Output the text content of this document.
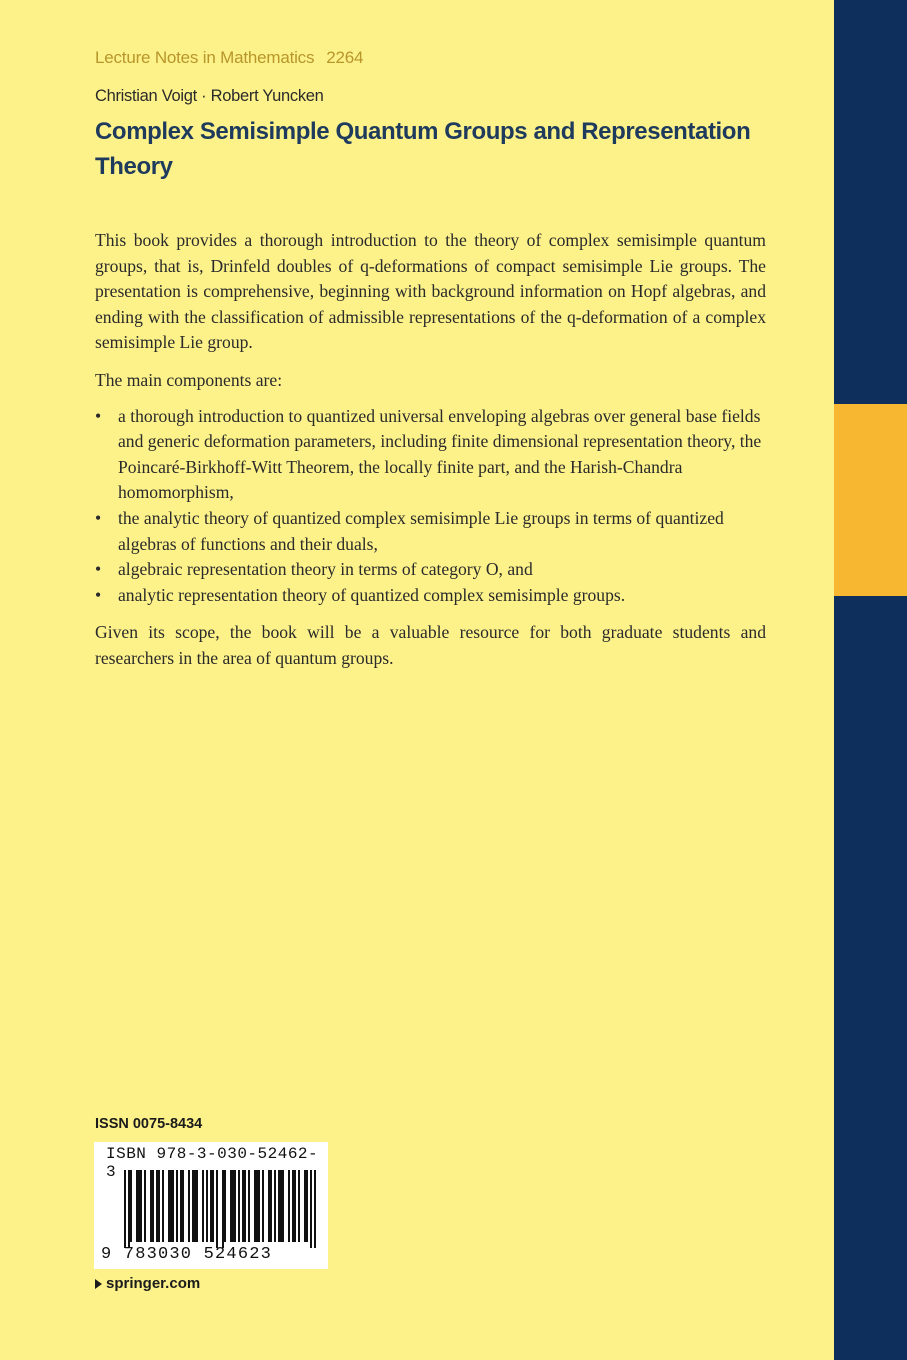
Lecture Notes in Mathematics 2264
Christian Voigt · Robert Yuncken
Complex Semisimple Quantum Groups and Representation Theory

This book provides a thorough introduction to the theory of complex semisimple quantum groups, that is, Drinfeld doubles of q-deformations of compact semisimple Lie groups. The presentation is comprehensive, beginning with background information on Hopf algebras, and ending with the classification of admissible representations of the q-deformation of a complex semisimple Lie group.

The main components are:

• a thorough introduction to quantized universal enveloping algebras over general base fields and generic deformation parameters, including finite dimensional representation theory, the Poincaré-Birkhoff-Witt Theorem, the locally finite part, and the Harish-Chandra homomorphism,
• the analytic theory of quantized complex semisimple Lie groups in terms of quantized algebras of functions and their duals,
• algebraic representation theory in terms of category O, and
• analytic representation theory of quantized complex semisimple groups.

Given its scope, the book will be a valuable resource for both graduate students and researchers in the area of quantum groups.

ISSN 0075-8434
ISBN 978-3-030-52462-3
9 783030 524623
springer.com
